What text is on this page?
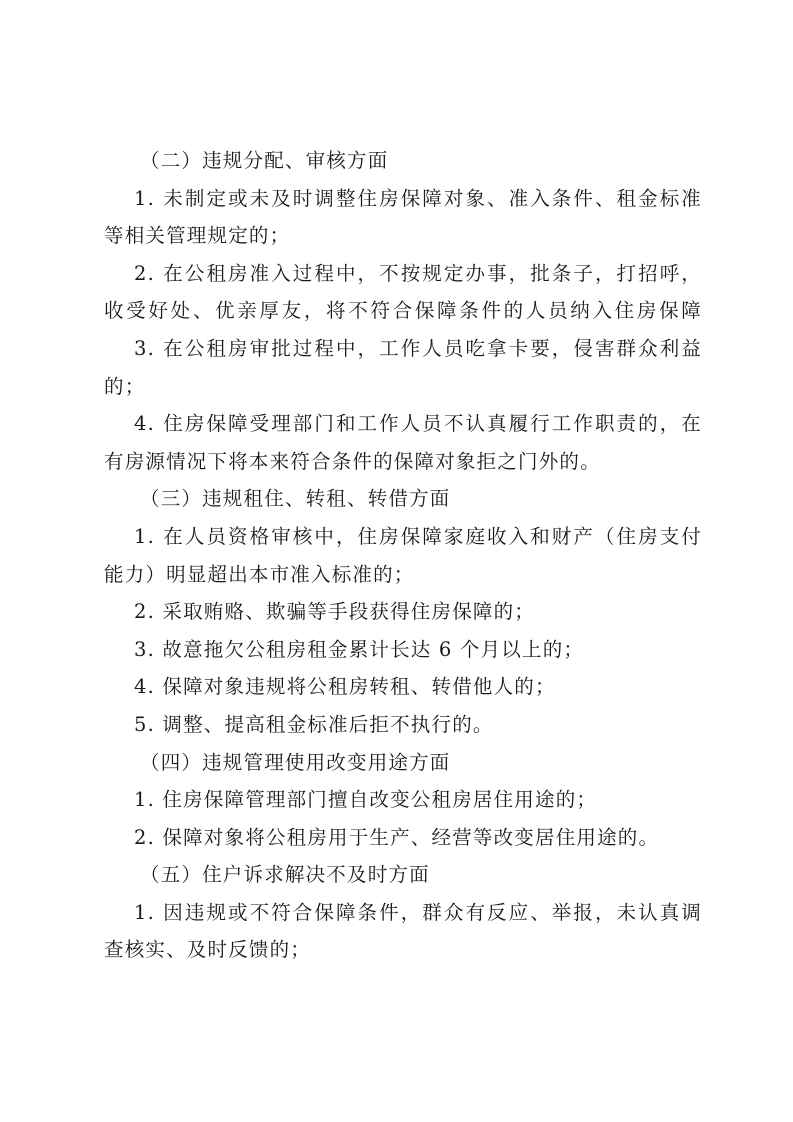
（二）违规分配、审核方面
1. 未制定或未及时调整住房保障对象、准入条件、租金标准
等相关管理规定的；
2. 在公租房准入过程中，不按规定办事，批条子，打招呼，
收受好处、优亲厚友，将不符合保障条件的人员纳入住房保障
3. 在公租房审批过程中，工作人员吃拿卡要，侵害群众利益
的；
4. 住房保障受理部门和工作人员不认真履行工作职责的，在
有房源情况下将本来符合条件的保障对象拒之门外的。
（三）违规租住、转租、转借方面
1. 在人员资格审核中，住房保障家庭收入和财产（住房支付
能力）明显超出本市准入标准的；
2. 采取贿赂、欺骗等手段获得住房保障的；
3. 故意拖欠公租房租金累计长达 6 个月以上的；
4. 保障对象违规将公租房转租、转借他人的；
5. 调整、提高租金标准后拒不执行的。
（四）违规管理使用改变用途方面
1. 住房保障管理部门擅自改变公租房居住用途的；
2. 保障对象将公租房用于生产、经营等改变居住用途的。
（五）住户诉求解决不及时方面
1. 因违规或不符合保障条件，群众有反应、举报，未认真调
查核实、及时反馈的；
